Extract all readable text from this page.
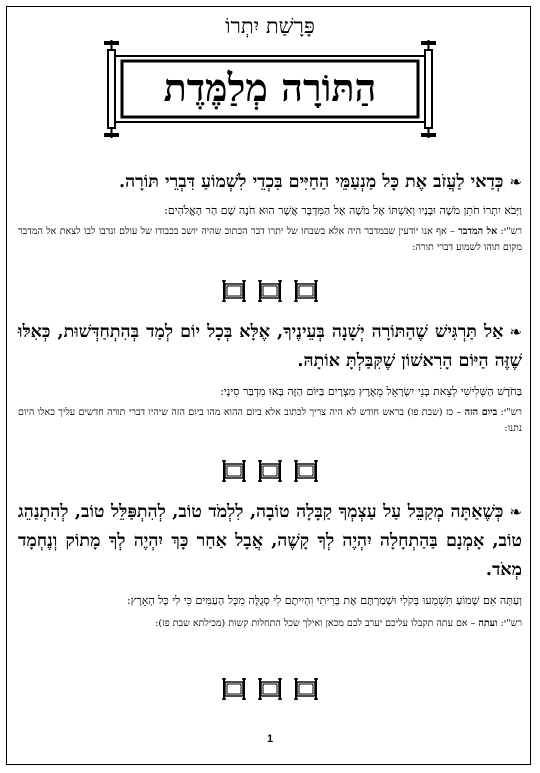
פָּרָשַׁת יִתְרוֹ
הַתּוֹרָה מְלַמֶּדֶת
❧כְּדַאי לַעֲזֹב אֶת כָּל מַנְעַמֵּי הַחַיִּים בִּכְדֵי לִשְׁמוֹעַ דִּבְרֵי תּוֹרָה.
וַיָּבֹא יִתְרוֹ חֹתֵן מֹשֶׁה וּבָנָיו וְאִשְׁתּוֹ אֶל מֹשֶׁה אֶל הַמִּדְבָּר אֲשֶׁר הוּא חֹנֶה שָׁם הַר הָאֱלֹהִים:
רש"י: אל המדבר – אף אנו יודעין שבמדבר היה אלא בשבחו של יתרו דבר הכתוב שהיה יושב בכבודו של עולם ונדבו לבו לצאת אל המדבר מקום תוהו לשמוע דברי תורה:
❧אַל תַּרְגִּישׁ שֶׁהַתּוֹרָה יְשָׁנָה בְּעֵינֶיךָ, אֶלָּא בְּכָל יוֹם לְמַד בְּהִתְחַדְּשׁוּת, כְּאִלּוּ שֶׁזֶּה הַיּוֹם הָרִאשׁוֹן שֶׁקִּבַּלְתָּ אוֹתָהּ.
בַּחֹדֶשׁ הַשְּׁלִישִׁי לְצֵאת בְּנֵי יִשְׂרָאֵל מֵאֶרֶץ מִצְרָיִם בַּיּוֹם הַזֶּה בָּאוּ מִדְבַּר סִינָי:
רש"י: ביום הזה – כז (שבת פו) בראש חודש לא היה צריך לכתוב אלא ביום ההוא מהו ביום הזה שיהיו דברי תורה חדשים עליך כאלו היום נתנו:
❧כְּשֶׁאַתָּה מְקַבֵּל עַל עַצְמְךָ קַבָּלָה טוֹבָה, לִלְמֹד טוֹב, לְהִתְפַּלֵּל טוֹב, לְהִתְנַהֵג טוֹב, אָמְנָם בַּהַתְחָלָה יִהְיֶה לְךָ קָשֶׁה, אֲבָל אַחַר כָּךְ יִהְיֶה לְךָ מָתוֹק וְנֶחְמָד מְאֹד.
וְעַתָּה אִם שָׁמוֹעַ תִּשְׁמְעוּ בְּקֹלִי וּשְׁמַרְתֶּם אֶת בְּרִיתִי וִהְיִיתֶם לִי סְגֻלָּה מִכָּל הָעַמִּים כִּי לִי כָּל הָאָרֶץ:
רש"י: ועתה – אם עתה תקבלו עליכם יערב לכם מכאן ואילך שכל התחלות קשות (מכילתא שבת פז):
1
